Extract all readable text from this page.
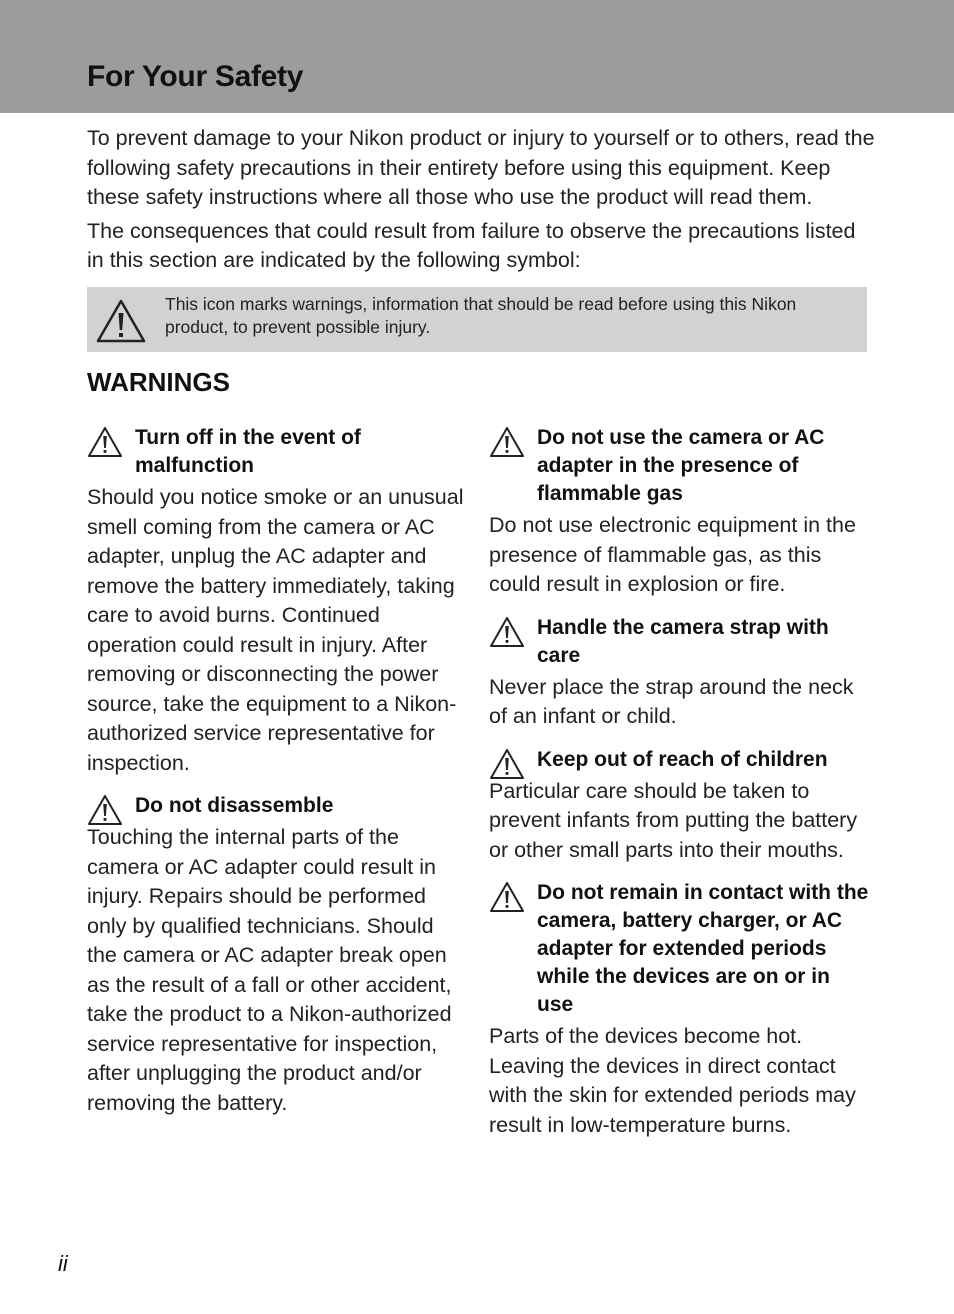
For Your Safety

To prevent damage to your Nikon product or injury to yourself or to others, read the following safety precautions in their entirety before using this equipment. Keep these safety instructions where all those who use the product will read them.

The consequences that could result from failure to observe the precautions listed in this section are indicated by the following symbol:

This icon marks warnings, information that should be read before using this Nikon product, to prevent possible injury.
WARNINGS
Turn off in the event of malfunction
Should you notice smoke or an unusual smell coming from the camera or AC adapter, unplug the AC adapter and remove the battery immediately, taking care to avoid burns. Continued operation could result in injury. After removing or disconnecting the power source, take the equipment to a Nikon-authorized service representative for inspection.
Do not disassemble
Touching the internal parts of the camera or AC adapter could result in injury. Repairs should be performed only by qualified technicians. Should the camera or AC adapter break open as the result of a fall or other accident, take the product to a Nikon-authorized service representative for inspection, after unplugging the product and/or removing the battery.
Do not use the camera or AC adapter in the presence of flammable gas
Do not use electronic equipment in the presence of flammable gas, as this could result in explosion or fire.
Handle the camera strap with care
Never place the strap around the neck of an infant or child.
Keep out of reach of children
Particular care should be taken to prevent infants from putting the battery or other small parts into their mouths.
Do not remain in contact with the camera, battery charger, or AC adapter for extended periods while the devices are on or in use
Parts of the devices become hot. Leaving the devices in direct contact with the skin for extended periods may result in low-temperature burns.
ii
